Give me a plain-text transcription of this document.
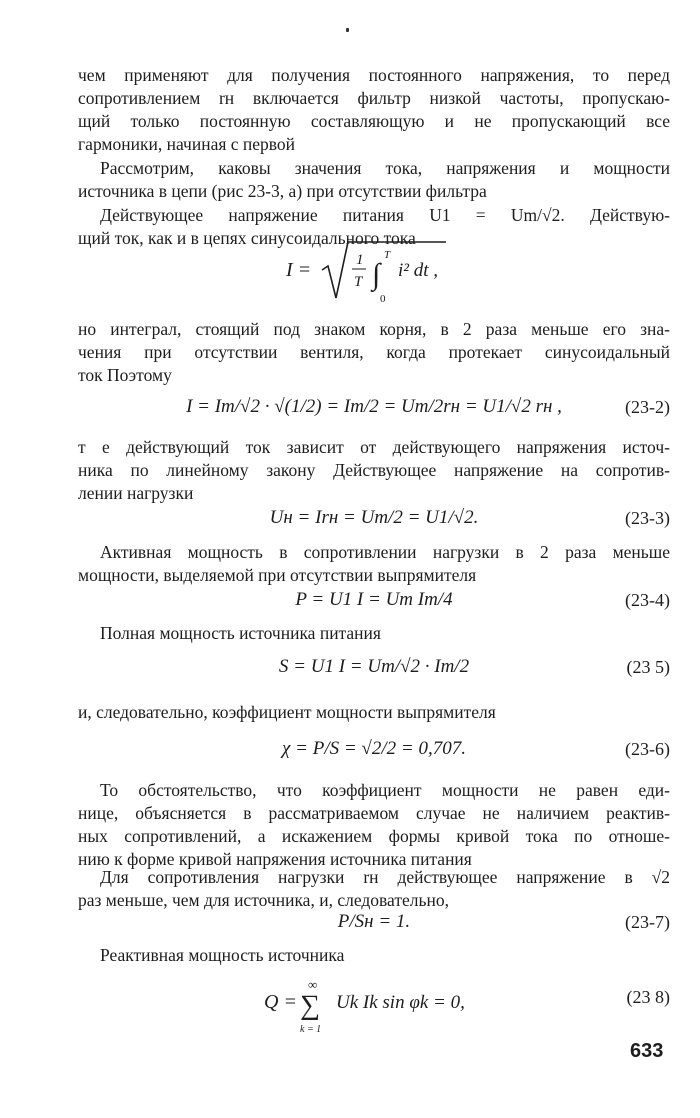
чем применяют для получения постоянного напряжения, то перед
сопротивлением rн включается фильтр низкой частоты, пропускаю-
щий только постоянную составляющую и не пропускающий все
гармоники, начиная с первой
Рассмотрим, каковы значения тока, напряжения и мощности
источника в цепи (рис 23-3, а) при отсутствии фильтра
Действующее напряжение питания U1 = Um/√2. Действую-
щий ток, как и в цепях синусоидального тока
I =	1
T ∫
T
0
i² dt ,
но интеграл, стоящий под знаком корня, в 2 раза меньше его зна-
чения при отсутствии вентиля, когда протекает синусоидальный
ток Поэтому
I = Im/√2 · √(1/2) = Im/2 = Um/2rн = U1/√2 rн ,	(23-2)
т е действующий ток зависит от действующего напряжения источ-
ника по линейному закону Действующее напряжение на сопротив-
лении нагрузки
Uн = Irн = Um/2 = U1/√2.	(23-3)
Активная мощность в сопротивлении нагрузки в 2 раза меньше
мощности, выделяемой при отсутствии выпрямителя
P = U1 I = Um Im/4	(23-4)
Полная мощность источника питания
S = U1 I = Um/√2 · Im/2	(23 5)
и, следовательно, коэффициент мощности выпрямителя
χ = P/S = √2/2 = 0,707.	(23-6)
То обстоятельство, что коэффициент мощности не равен еди-
нице, объясняется в рассматриваемом случае не наличием реактив-
ных сопротивлений, а искажением формы кривой тока по отноше-
нию к форме кривой напряжения источника питания
Для сопротивления нагрузки rн действующее напряжение в √2
раз меньше, чем для источника, и, следовательно,
P/Sн = 1.	(23-7)
Реактивная мощность источника
Q =
∞
∑
k = 1
Uk Ik sin φk = 0,	(23 8)
633
